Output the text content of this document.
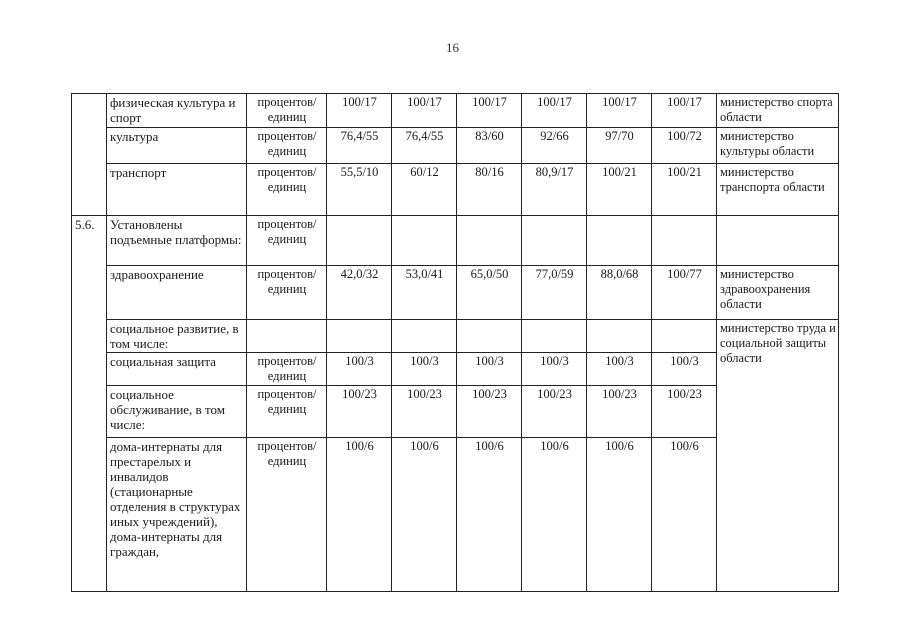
16
	физическая культура и спорт	процентов/ единиц	100/17	100/17	100/17	100/17	100/17	100/17	министерство спорта области
	культура	процентов/ единиц	76,4/55	76,4/55	83/60	92/66	97/70	100/72	министерство культуры области
	транспорт	процентов/ единиц	55,5/10	60/12	80/16	80,9/17	100/21	100/21	министерство транспорта области
5.6.	Установлены подъемные платформы:	процентов/ единиц							
	здравоохранение	процентов/ единиц	42,0/32	53,0/41	65,0/50	77,0/59	88,0/68	100/77	министерство здравоохранения области
	социальное развитие, в том числе:								министерство труда и социальной защиты области
	социальная защита	процентов/ единиц	100/3	100/3	100/3	100/3	100/3	100/3	
	социальное обслуживание, в том числе:	процентов/ единиц	100/23	100/23	100/23	100/23	100/23	100/23	
	дома-интернаты для престарелых и инвалидов (стационарные отделения в структурах иных учреждений), дома-интернаты для граждан,	процентов/ единиц	100/6	100/6	100/6	100/6	100/6	100/6	
